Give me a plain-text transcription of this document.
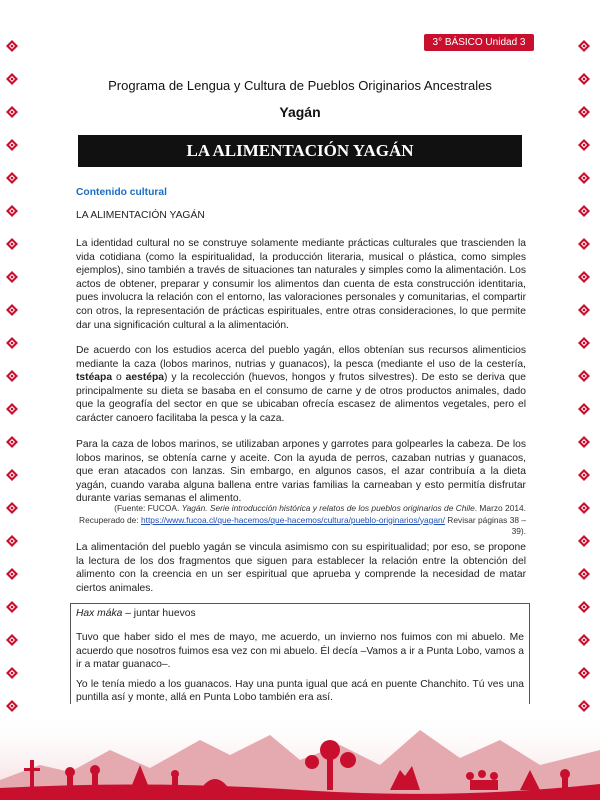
3° BÁSICO Unidad 3
Programa de Lengua y Cultura de Pueblos Originarios Ancestrales
Yagán
LA ALIMENTACIÓN YAGÁN
Contenido cultural
LA ALIMENTACIÓN YAGÁN

La identidad cultural no se construye solamente mediante prácticas culturales que trascienden la vida cotidiana (como la espiritualidad, la producción literaria, musical o plástica, como simples ejemplos), sino también a través de situaciones tan naturales y simples como la alimentación. Los actos de obtener, preparar y consumir los alimentos dan cuenta de esta construcción identitaria, pues involucra la relación con el entorno, las valoraciones personales y comunitarias, el compartir con otros, la representación de prácticas espirituales, entre otras consideraciones, lo que permite dar una significación cultural a la alimentación.

De acuerdo con los estudios acerca del pueblo yagán, ellos obtenían sus recursos alimenticios mediante la caza (lobos marinos, nutrias y guanacos), la pesca (mediante el uso de la cestería, tstéapa o aestépa) y la recolección (huevos, hongos y frutos silvestres). De esto se deriva que principalmente su dieta se basaba en el consumo de carne y de otros productos animales, dado que la geografía del sector en que se ubicaban ofrecía escasez de alimentos vegetales, pero el carácter canoero facilitaba la pesca y la caza.

Para la caza de lobos marinos, se utilizaban arpones y garrotes para golpearles la cabeza. De los lobos marinos, se obtenía carne y aceite. Con la ayuda de perros, cazaban nutrias y guanacos, que eran atacados con lanzas. Sin embargo, en algunos casos, el azar contribuía a la dieta yagán, cuando varaba alguna ballena entre varias familias la carneaban y esto permitía disfrutar durante varias semanas el alimento.

(Fuente: FUCOA. Yagán. Serie introducción histórica y relatos de los pueblos originarios de Chile. Marzo 2014. Recuperado de: https://www.fucoa.cl/que-hacemos/que-hacemos/cultura/pueblo-originarios/yagan/ Revisar páginas 38 – 39).

La alimentación del pueblo yagán se vincula asimismo con su espiritualidad; por eso, se propone la lectura de los dos fragmentos que siguen para establecer la relación entre la obtención del alimento con la creencia en un ser espiritual que aprueba y comprende la necesidad de matar ciertos animales.

Hax máka – juntar huevos

Tuvo que haber sido el mes de mayo, me acuerdo, un invierno nos fuimos con mi abuelo. Me acuerdo que nosotros fuimos esa vez con mi abuelo. Él decía –Vamos a ir a Punta Lobo, vamos a ir a matar guanaco–.

Yo le tenía miedo a los guanacos. Hay una punta igual que acá en puente Chanchito. Tú ves una puntilla así y monte, allá en Punta Lobo también era así.
